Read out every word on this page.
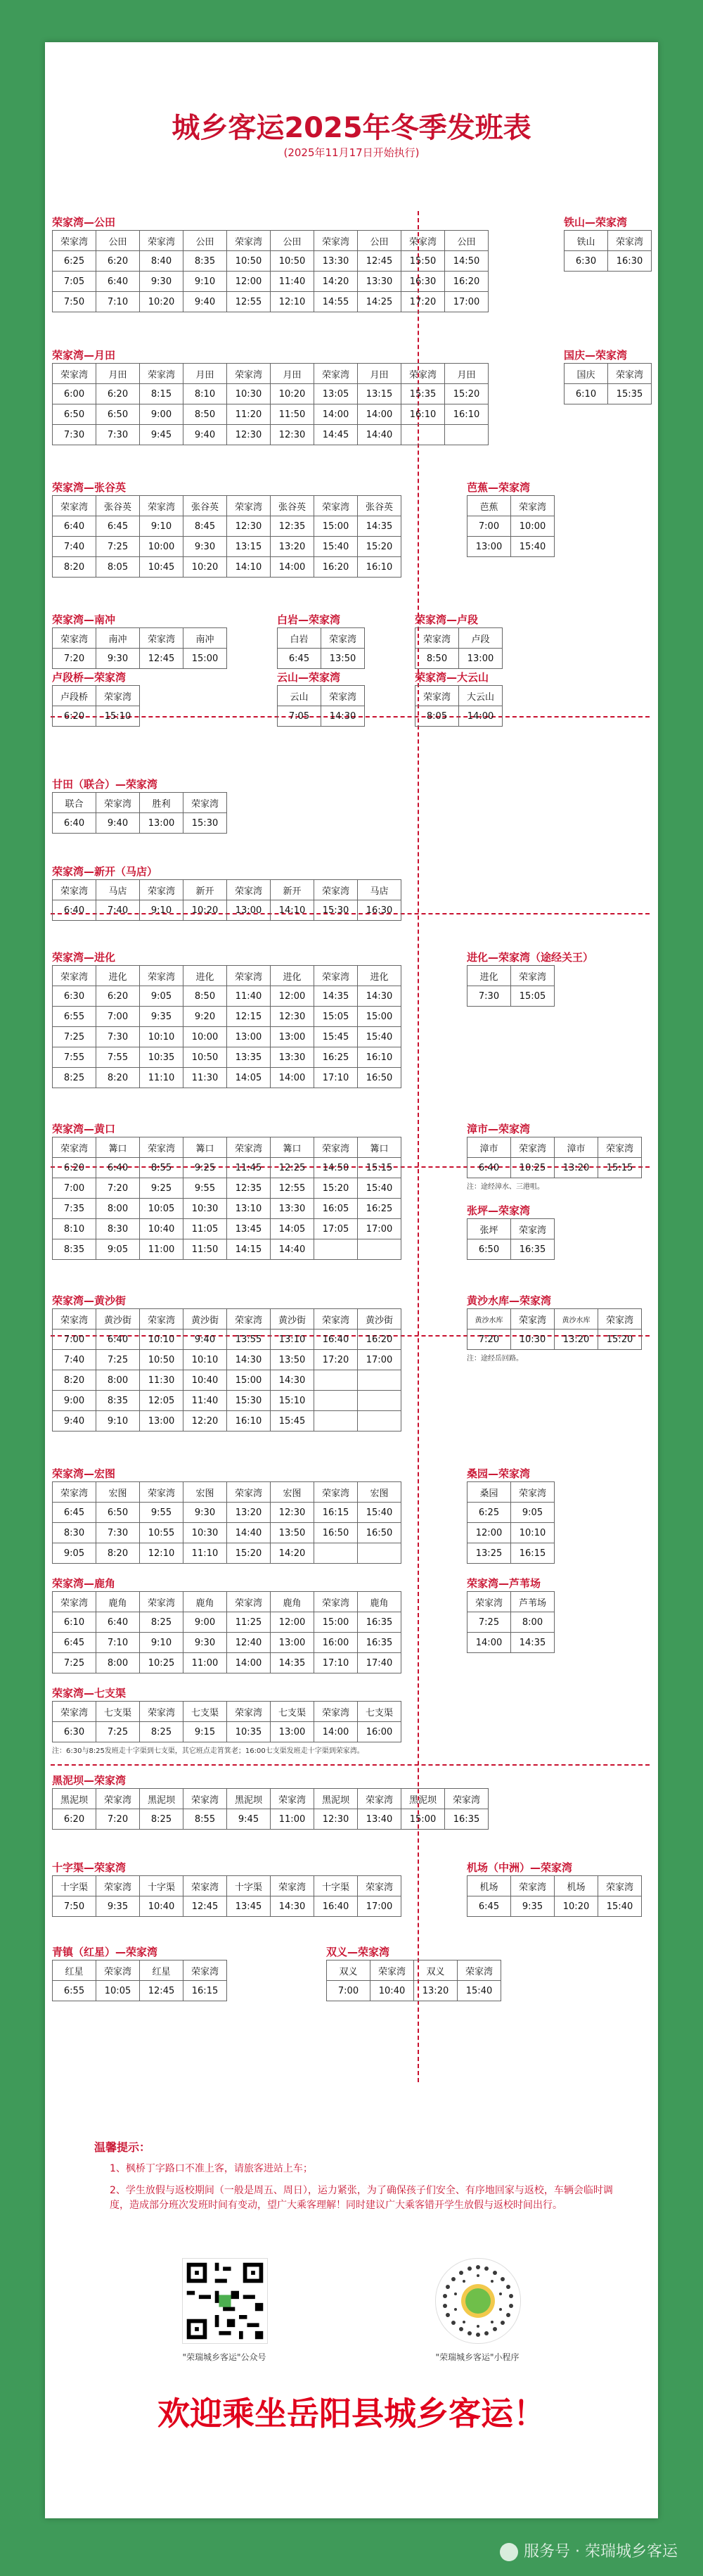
城乡客运2025年冬季发班表
(2025年11月17日开始执行)
荣家湾—公田
荣家湾	公田	荣家湾	公田	荣家湾	公田	荣家湾	公田	荣家湾	公田
6:25	6:20	8:40	8:35	10:50	10:50	13:30	12:45	15:50	14:50
7:05	6:40	9:30	9:10	12:00	11:40	14:20	13:30	16:30	16:20
7:50	7:10	10:20	9:40	12:55	12:10	14:55	14:25	17:20	17:00
铁山—荣家湾
铁山	荣家湾
6:30	16:30
荣家湾—月田
荣家湾	月田	荣家湾	月田	荣家湾	月田	荣家湾	月田	荣家湾	月田
6:00	6:20	8:15	8:10	10:30	10:20	13:05	13:15	15:35	15:20
6:50	6:50	9:00	8:50	11:20	11:50	14:00	14:00	16:10	16:10
7:30	7:30	9:45	9:40	12:30	12:30	14:45	14:40		
国庆—荣家湾
国庆	荣家湾
6:10	15:35
荣家湾—张谷英
荣家湾	张谷英	荣家湾	张谷英	荣家湾	张谷英	荣家湾	张谷英
6:40	6:45	9:10	8:45	12:30	12:35	15:00	14:35
7:40	7:25	10:00	9:30	13:15	13:20	15:40	15:20
8:20	8:05	10:45	10:20	14:10	14:00	16:20	16:10
芭蕉—荣家湾
芭蕉	荣家湾
7:00	10:00
13:00	15:40
荣家湾—南冲
荣家湾	南冲	荣家湾	南冲
7:20	9:30	12:45	15:00
白岩—荣家湾
白岩	荣家湾
6:45	13:50
荣家湾—卢段
荣家湾	卢段
8:50	13:00
卢段桥—荣家湾
卢段桥	荣家湾
6:20	15:10
云山—荣家湾
云山	荣家湾
7:05	14:30
荣家湾—大云山
荣家湾	大云山
8:05	14:00
甘田（联合）—荣家湾
联合	荣家湾	胜利	荣家湾
6:40	9:40	13:00	15:30
荣家湾—新开（马店）
荣家湾	马店	荣家湾	新开	荣家湾	新开	荣家湾	马店
6:40	7:40	9:10	10:20	13:00	14:10	15:30	16:30
荣家湾—进化
荣家湾	进化	荣家湾	进化	荣家湾	进化	荣家湾	进化
6:30	6:20	9:05	8:50	11:40	12:00	14:35	14:30
6:55	7:00	9:35	9:20	12:15	12:30	15:05	15:00
7:25	7:30	10:10	10:00	13:00	13:00	15:45	15:40
7:55	7:55	10:35	10:50	13:35	13:30	16:25	16:10
8:25	8:20	11:10	11:30	14:05	14:00	17:10	16:50
进化—荣家湾（途经关王）
进化	荣家湾
7:30	15:05
荣家湾—黄口
荣家湾	篝口	荣家湾	篝口	荣家湾	篝口	荣家湾	篝口
6:20	6:40	8:55	9:25	11:45	12:25	14:50	15:15
7:00	7:20	9:25	9:55	12:35	12:55	15:20	15:40
7:35	8:00	10:05	10:30	13:10	13:30	16:05	16:25
8:10	8:30	10:40	11:05	13:45	14:05	17:05	17:00
8:35	9:05	11:00	11:50	14:15	14:40		
漳市—荣家湾
漳市	荣家湾	漳市	荣家湾
6:40	10:25	13:20	15:15
注：途经漳水、三港咀。
张坪—荣家湾
张坪	荣家湾
6:50	16:35
荣家湾—黄沙街
荣家湾	黄沙街	荣家湾	黄沙街	荣家湾	黄沙街	荣家湾	黄沙街
7:00	6:40	10:10	9:40	13:55	13:10	16:40	16:20
7:40	7:25	10:50	10:10	14:30	13:50	17:20	17:00
8:20	8:00	11:30	10:40	15:00	14:30		
9:00	8:35	12:05	11:40	15:30	15:10		
9:40	9:10	13:00	12:20	16:10	15:45		
黄沙水库—荣家湾
黄沙水库	荣家湾	黄沙水库	荣家湾
7:20	10:30	13:20	15:20
注：途经岳回路。
荣家湾—宏图
荣家湾	宏图	荣家湾	宏图	荣家湾	宏图	荣家湾	宏图
6:45	6:50	9:55	9:30	13:20	12:30	16:15	15:40
8:30	7:30	10:55	10:30	14:40	13:50	16:50	16:50
9:05	8:20	12:10	11:10	15:20	14:20		
桑园—荣家湾
桑园	荣家湾
6:25	9:05
12:00	10:10
13:25	16:15
荣家湾—鹿角
荣家湾	鹿角	荣家湾	鹿角	荣家湾	鹿角	荣家湾	鹿角
6:10	6:40	8:25	9:00	11:25	12:00	15:00	16:35
6:45	7:10	9:10	9:30	12:40	13:00	16:00	16:35
7:25	8:00	10:25	11:00	14:00	14:35	17:10	17:40
荣家湾—芦苇场
荣家湾	芦苇场
7:25	8:00
14:00	14:35
荣家湾—七支渠
荣家湾	七支渠	荣家湾	七支渠	荣家湾	七支渠	荣家湾	七支渠
6:30	7:25	8:25	9:15	10:35	13:00	14:00	16:00
注：6:30与8:25发班走十字渠到七支渠，其它班点走筲箕老；16:00七支渠发班走十字渠到荣家湾。
黑泥坝—荣家湾
黑泥坝	荣家湾	黑泥坝	荣家湾	黑泥坝	荣家湾	黑泥坝	荣家湾	黑泥坝	荣家湾
6:20	7:20	8:25	8:55	9:45	11:00	12:30	13:40	15:00	16:35
十字渠—荣家湾
十字渠	荣家湾	十字渠	荣家湾	十字渠	荣家湾	十字渠	荣家湾
7:50	9:35	10:40	12:45	13:45	14:30	16:40	17:00
机场（中洲）—荣家湾
机场	荣家湾	机场	荣家湾
6:45	9:35	10:20	15:40
青镇（红星）—荣家湾
红星	荣家湾	红星	荣家湾
6:55	10:05	12:45	16:15
双义—荣家湾
双义	荣家湾	双义	荣家湾
7:00	10:40	13:20	15:40
温馨提示：
1、枫桥丁字路口不准上客，请旅客进站上车；
2、学生放假与返校期间（一般是周五、周日），运力紧张，为了确保孩子们安全、有序地回家与返校，车辆会临时调度，造成部分班次发班时间有变动，望广大乘客理解！同时建议广大乘客错开学生放假与返校时间出行。
"荣瑞城乡客运"公众号	"荣瑞城乡客运"小程序
欢迎乘坐岳阳县城乡客运！
服务号 · 荣瑞城乡客运
